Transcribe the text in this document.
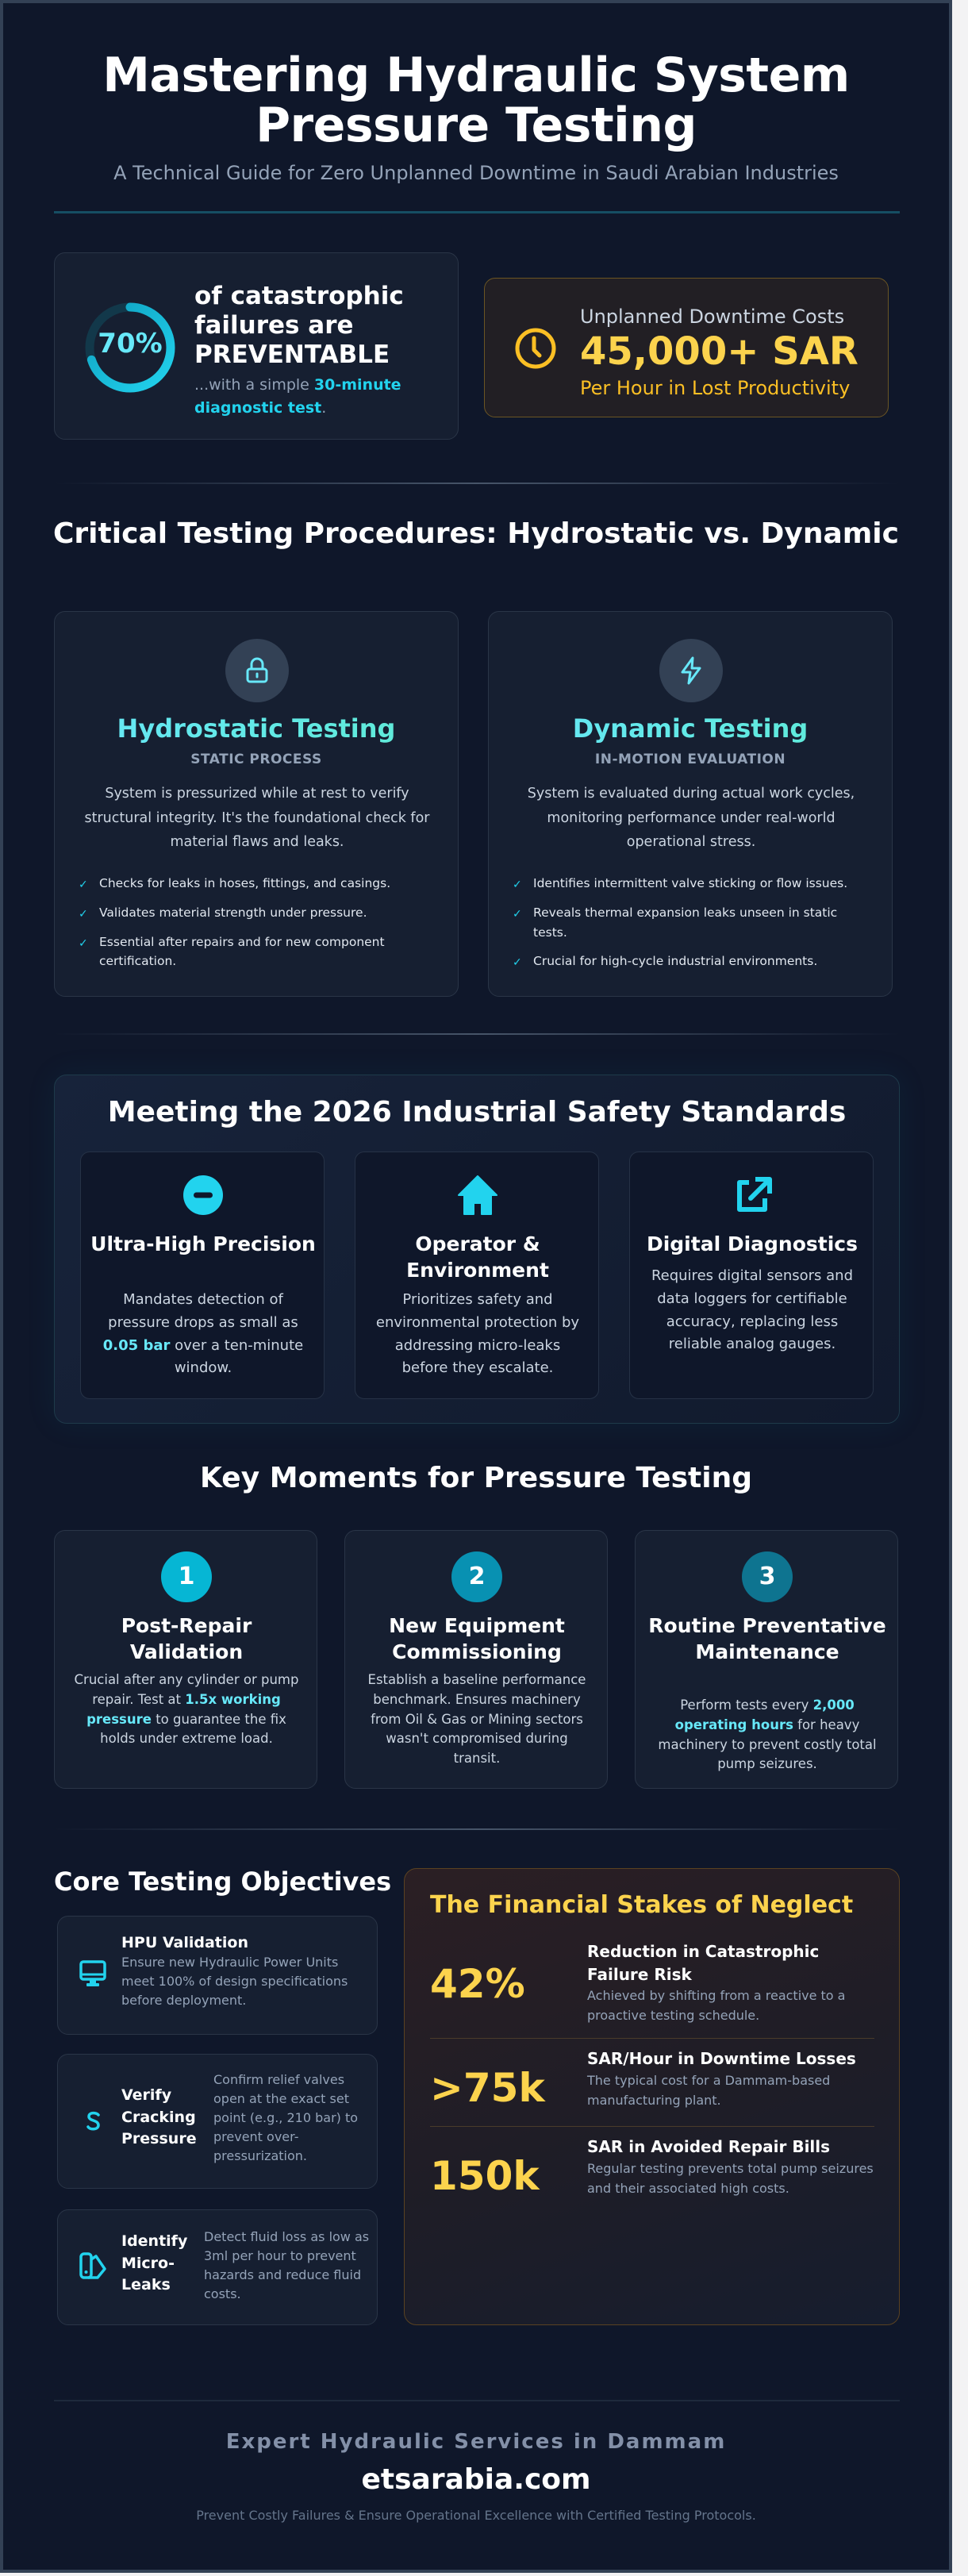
Mastering Hydraulic System
Pressure Testing
A Technical Guide for Zero Unplanned Downtime in Saudi Arabian Industries
70%
of catastrophic
failures are
PREVENTABLE
...with a simple 30-minute diagnostic test.
Unplanned Downtime Costs
45,000+ SAR
Per Hour in Lost Productivity
Critical Testing Procedures: Hydrostatic vs. Dynamic
Hydrostatic Testing
STATIC PROCESS
System is pressurized while at rest to verify structural integrity. It's the foundational check for material flaws and leaks.
✓ Checks for leaks in hoses, fittings, and casings.
✓ Validates material strength under pressure.
✓ Essential after repairs and for new component certification.
Dynamic Testing
IN-MOTION EVALUATION
System is evaluated during actual work cycles, monitoring performance under real-world operational stress.
✓ Identifies intermittent valve sticking or flow issues.
✓ Reveals thermal expansion leaks unseen in static tests.
✓ Crucial for high-cycle industrial environments.
Meeting the 2026 Industrial Safety Standards
Ultra-High Precision
Mandates detection of pressure drops as small as 0.05 bar over a ten-minute window.
Operator & Environment
Prioritizes safety and environmental protection by addressing micro-leaks before they escalate.
Digital Diagnostics
Requires digital sensors and data loggers for certifiable accuracy, replacing less reliable analog gauges.
Key Moments for Pressure Testing
1
Post-Repair Validation
Crucial after any cylinder or pump repair. Test at 1.5x working pressure to guarantee the fix holds under extreme load.
2
New Equipment Commissioning
Establish a baseline performance benchmark. Ensures machinery from Oil & Gas or Mining sectors wasn't compromised during transit.
3
Routine Preventative Maintenance
Perform tests every 2,000 operating hours for heavy machinery to prevent costly total pump seizures.
Core Testing Objectives
HPU Validation
Ensure new Hydraulic Power Units meet 100% of design specifications before deployment.
Verify Cracking Pressure
Confirm relief valves open at the exact set point (e.g., 210 bar) to prevent over-pressurization.
Identify Micro-Leaks
Detect fluid loss as low as 3ml per hour to prevent hazards and reduce fluid costs.
The Financial Stakes of Neglect
42%
Reduction in Catastrophic Failure Risk
Achieved by shifting from a reactive to a proactive testing schedule.
>75k
SAR/Hour in Downtime Losses
The typical cost for a Dammam-based manufacturing plant.
150k
SAR in Avoided Repair Bills
Regular testing prevents total pump seizures and their associated high costs.
Expert Hydraulic Services in Dammam
etsarabia.com
Prevent Costly Failures & Ensure Operational Excellence with Certified Testing Protocols.
